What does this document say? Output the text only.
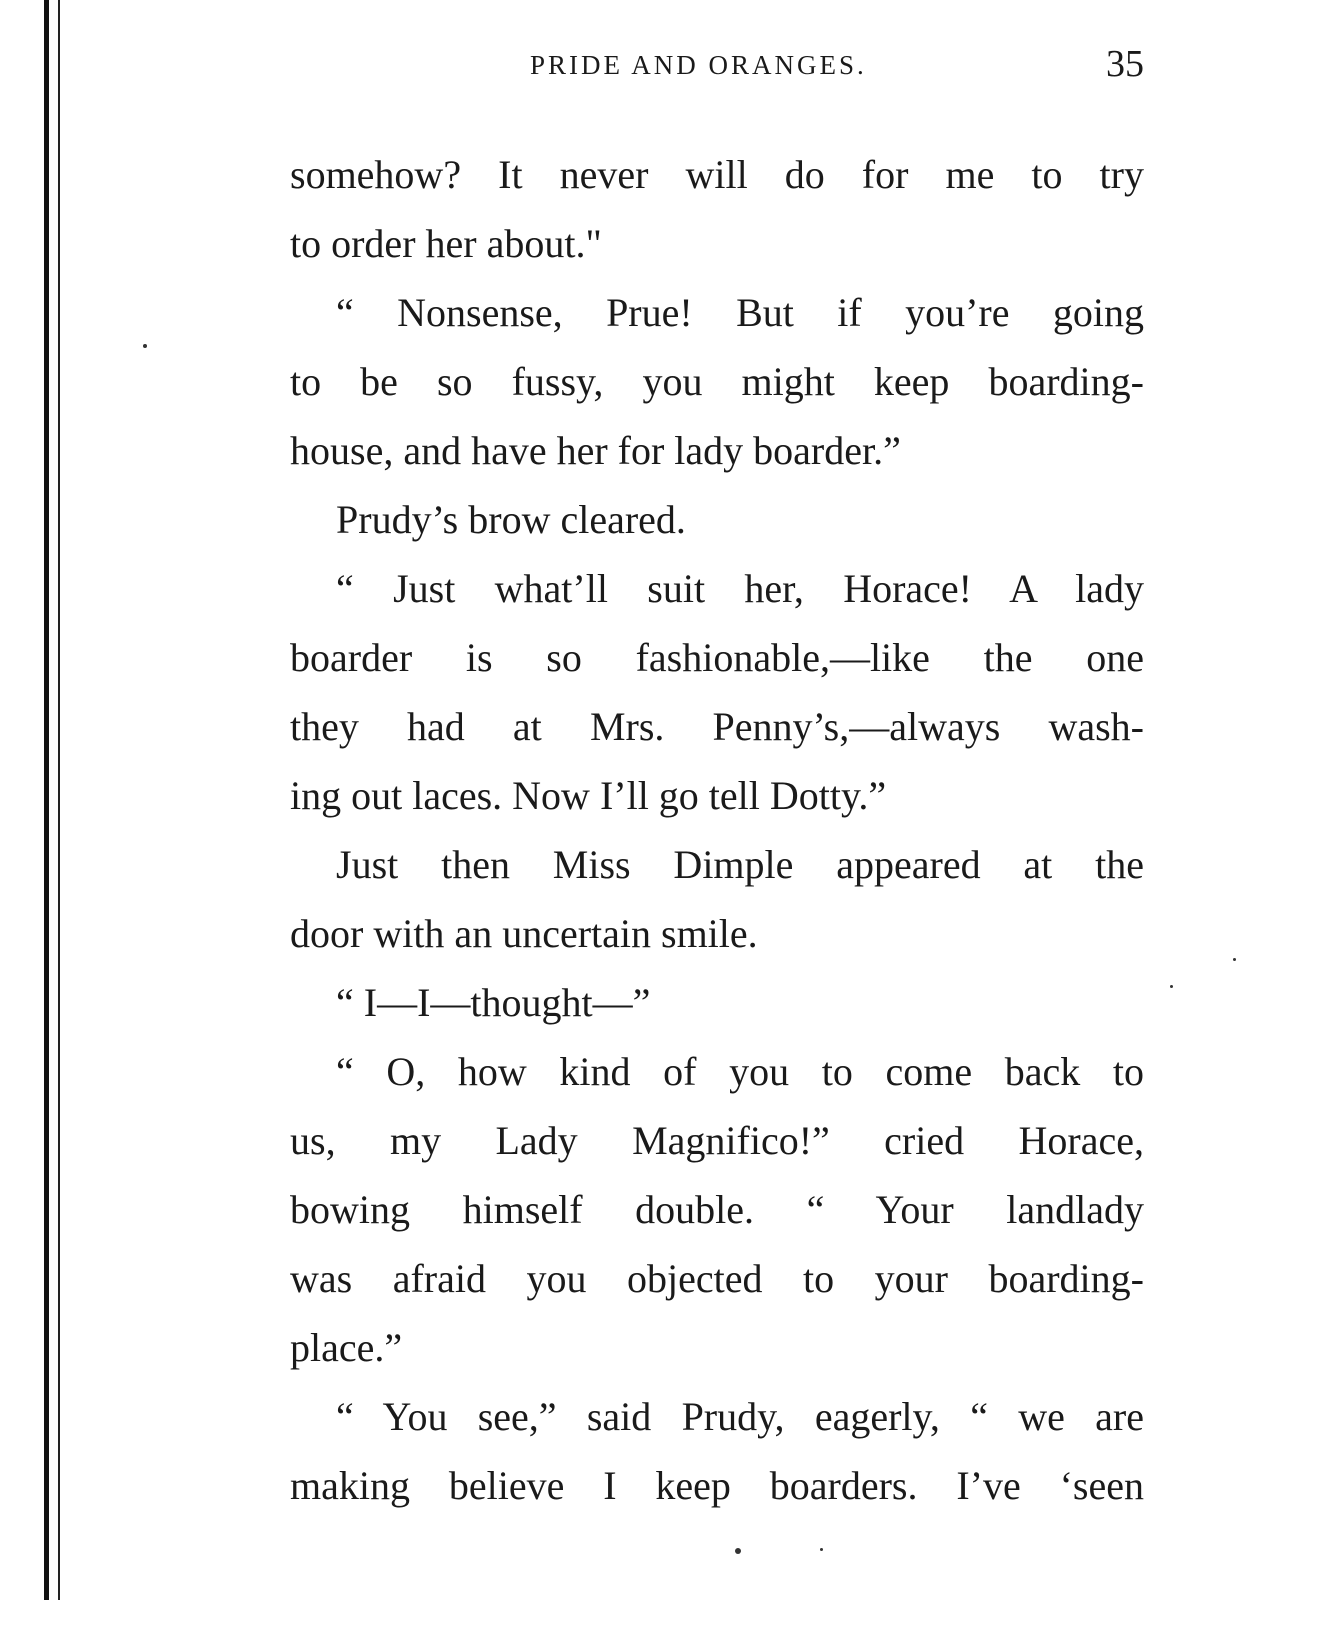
PRIDE AND ORANGES.	35
somehow? It never will do for me to try
to order her about."
“ Nonsense, Prue! But if you’re going
to be so fussy, you might keep boarding-
house, and have her for lady boarder.”
Prudy’s brow cleared.
“ Just what’ll suit her, Horace! A lady
boarder is so fashionable,—like the one
they had at Mrs. Penny’s,—always wash-
ing out laces. Now I’ll go tell Dotty.”
Just then Miss Dimple appeared at the
door with an uncertain smile.
“ I—I—thought—”
“ O, how kind of you to come back to
us, my Lady Magnifico!” cried Horace,
bowing himself double. “ Your landlady
was afraid you objected to your boarding-
place.”
“ You see,” said Prudy, eagerly, “ we are
making believe I keep boarders. I’ve ‘seen
